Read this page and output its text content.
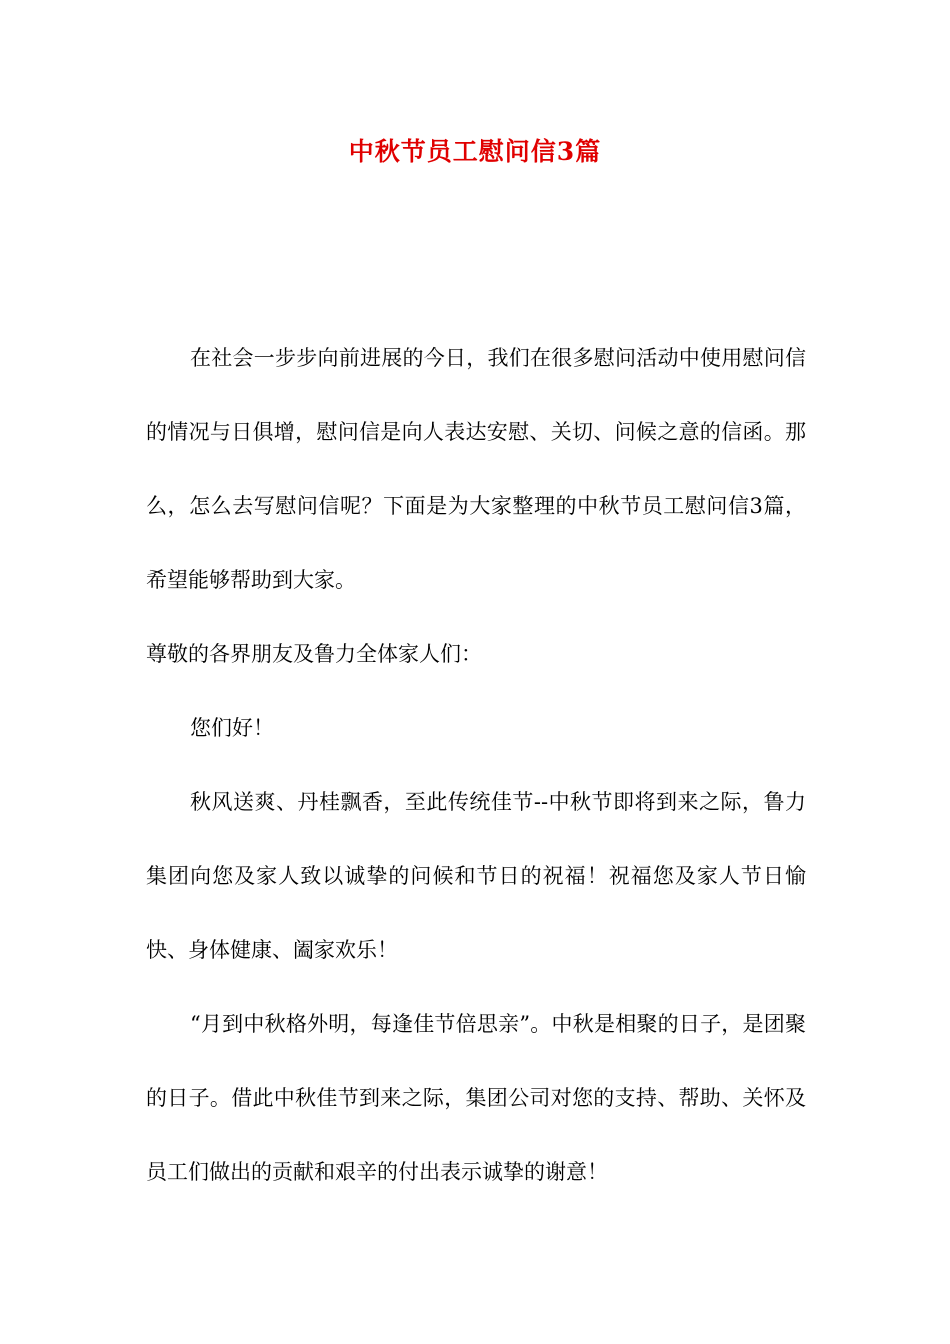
中秋节员工慰问信3篇

在社会一步步向前进展的今日，我们在很多慰问活动中使用慰问信的情况与日俱增，慰问信是向人表达安慰、关切、问候之意的信函。那么，怎么去写慰问信呢？下面是为大家整理的中秋节员工慰问信3篇，希望能够帮助到大家。

尊敬的各界朋友及鲁力全体家人们：

您们好！

秋风送爽、丹桂飘香，至此传统佳节--中秋节即将到来之际，鲁力集团向您及家人致以诚挚的问候和节日的祝福！祝福您及家人节日愉快、身体健康、阖家欢乐！

“月到中秋格外明，每逢佳节倍思亲”。中秋是相聚的日子，是团聚的日子。借此中秋佳节到来之际，集团公司对您的支持、帮助、关怀及员工们做出的贡献和艰辛的付出表示诚挚的谢意！
